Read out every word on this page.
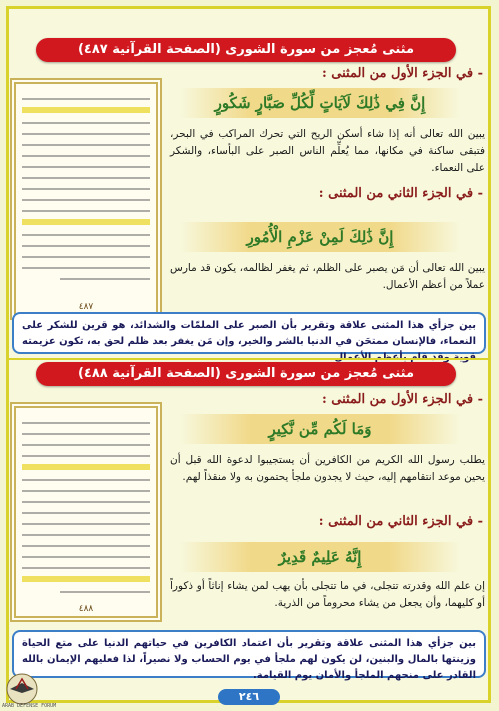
مثنى مُعجز من سورة الشورى (الصفحة القرآنية ٤٨٧)
٤٨٧
- في الجزء الأول من المثنى :
إِنَّ فِي ذَٰلِكَ لَآيَاتٍ لِّكُلِّ صَبَّارٍ شَكُورٍ
يبين الله تعالى أنه إذا شاء أسكن الريح التي تحرك المراكب في البحر، فتبقى ساكنة في مكانها، مما يُعلِّم الناس الصبر على البأساء، والشكر على النعماء.
- في الجزء الثاني من المثنى :
إِنَّ ذَٰلِكَ لَمِنْ عَزْمِ الْأُمُورِ
يبين الله تعالى أن مَن يصبر على الظلم، ثم يغفر لظالمه، يكون قد مارس عملاً من أعظم الأعمال.
بين جزأي هذا المثنى علاقة وتقرير بأن الصبر على الملمّات والشدائد، هو قرين للشكر على النعماء، فالإنسان ممتحَن في الدنيا بالشر والخير، وإن مَن يغفر بعد ظلم لحق به، تكون عزيمته
مثنى مُعجز من سورة الشورى (الصفحة القرآنية ٤٨٨)
٤٨٨
- في الجزء الأول من المثنى :
وَمَا لَكُم مِّن نَّكِيرٍ
يطلب رسول الله الكريم من الكافرين أن يستجيبوا لدعوة الله قبل أن يحين موعد انتقامهم إليه، حيث لا يجدون ملجأ يحتمون به ولا منقذاً لهم.
- في الجزء الثاني من المثنى :
إِنَّهُ عَلِيمٌ قَدِيرٌ
إن علم الله وقدرته تتجلى، في ما تتجلى بأن يهب لمن يشاء إناثاً أو ذكوراً أو كليهما، وأن يجعل من يشاء محروماً من الذرية.
بين جزأي هذا المثنى علاقة وتقرير بأن اعتماد الكافرين في حياتهم الدنيا على متع الحياة وزينتها بالمال والبنين، لن يكون لهم ملجأ في يوم الحساب ولا نصيراً، لذا فعليهم الإيمان بالله القادر على منحهم الملجأ والأمان يوم القيامة.
ARAB DEFENSE FORUM
٢٤٦
